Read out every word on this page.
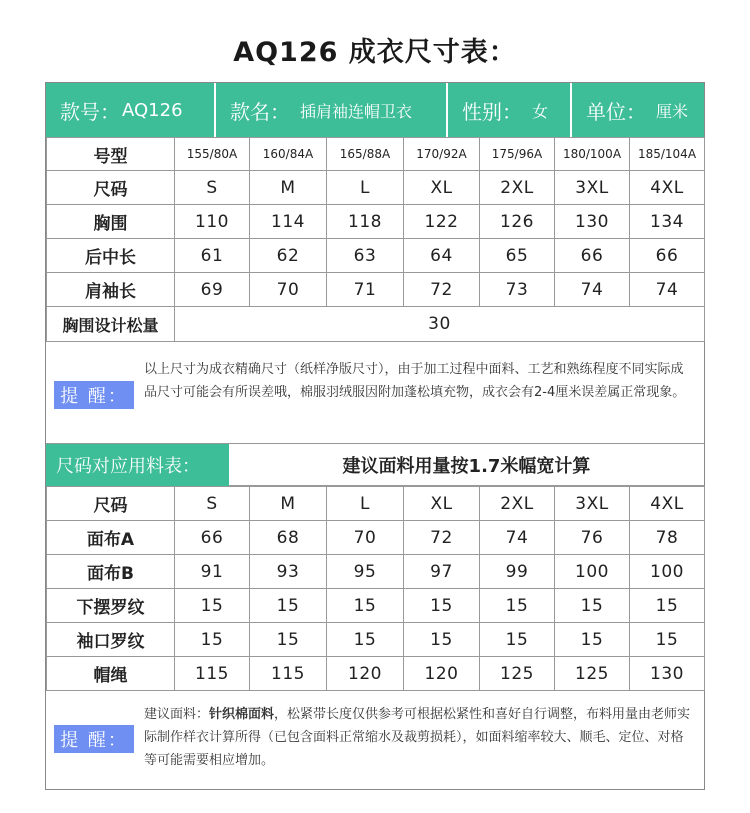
AQ126 成衣尺寸表：
款号： AQ126 款名： 插肩袖连帽卫衣 性别： 女 单位： 厘米
号型	155/80A	160/84A	165/88A	170/92A	175/96A	180/100A	185/104A
尺码	S	M	L	XL	2XL	3XL	4XL
胸围	110	114	118	122	126	130	134
后中长	61	62	63	64	65	66	66
肩袖长	69	70	71	72	73	74	74
胸围设计松量	30						
提 醒：
以上尺寸为成衣精确尺寸（纸样净版尺寸），由于加工过程中面料、工艺和熟练程度不同实际成品尺寸可能会有所误差哦，棉服羽绒服因附加蓬松填充物，成衣会有2-4厘米误差属正常现象。
尺码对应用料表：	建议面料用量按1.7米幅宽计算
尺码	S	M	L	XL	2XL	3XL	4XL
面布A	66	68	70	72	74	76	78
面布B	91	93	95	97	99	100	100
下摆罗纹	15	15	15	15	15	15	15
袖口罗纹	15	15	15	15	15	15	15
帽绳	115	115	120	120	125	125	130
提 醒：
建议面料：针织棉面料，松紧带长度仅供参考可根据松紧性和喜好自行调整，布料用量由老师实际制作样衣计算所得（已包含面料正常缩水及裁剪损耗），如面料缩率较大、顺毛、定位、对格等可能需要相应增加。
